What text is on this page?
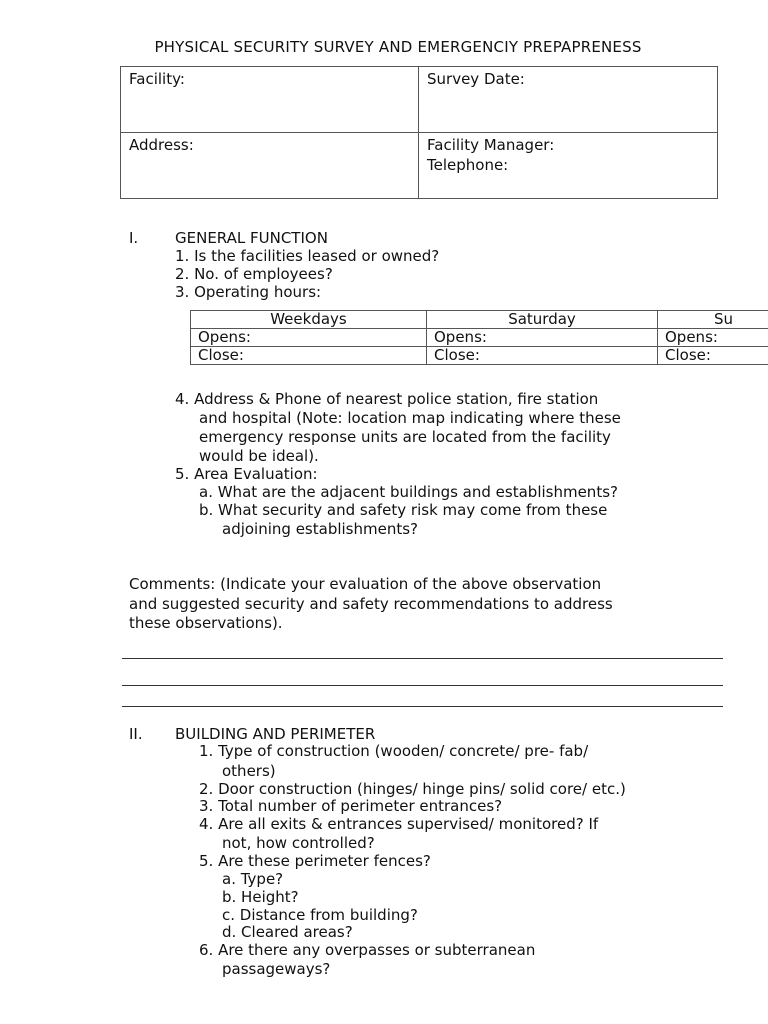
PHYSICAL SECURITY SURVEY AND EMERGENCIY PREPAPRENESS
Facility:	Survey Date:
Address:	Facility Manager:
Telephone:
I. GENERAL FUNCTION
1. Is the facilities leased or owned?
2. No. of employees?
3. Operating hours:
Weekdays	Saturday	Su
Opens:	Opens:	Opens:
Close:	Close:	Close:
4. Address & Phone of nearest police station, fire station
and hospital (Note: location map indicating where these
emergency response units are located from the facility
would be ideal).
5. Area Evaluation:
a. What are the adjacent buildings and establishments?
b. What security and safety risk may come from these
adjoining establishments?
Comments: (Indicate your evaluation of the above observation
and suggested security and safety recommendations to address
these observations).
II. BUILDING AND PERIMETER
1. Type of construction (wooden/ concrete/ pre- fab/
others)
2. Door construction (hinges/ hinge pins/ solid core/ etc.)
3. Total number of perimeter entrances?
4. Are all exits & entrances supervised/ monitored? If
not, how controlled?
5. Are these perimeter fences?
a. Type?
b. Height?
c. Distance from building?
d. Cleared areas?
6. Are there any overpasses or subterranean
passageways?
